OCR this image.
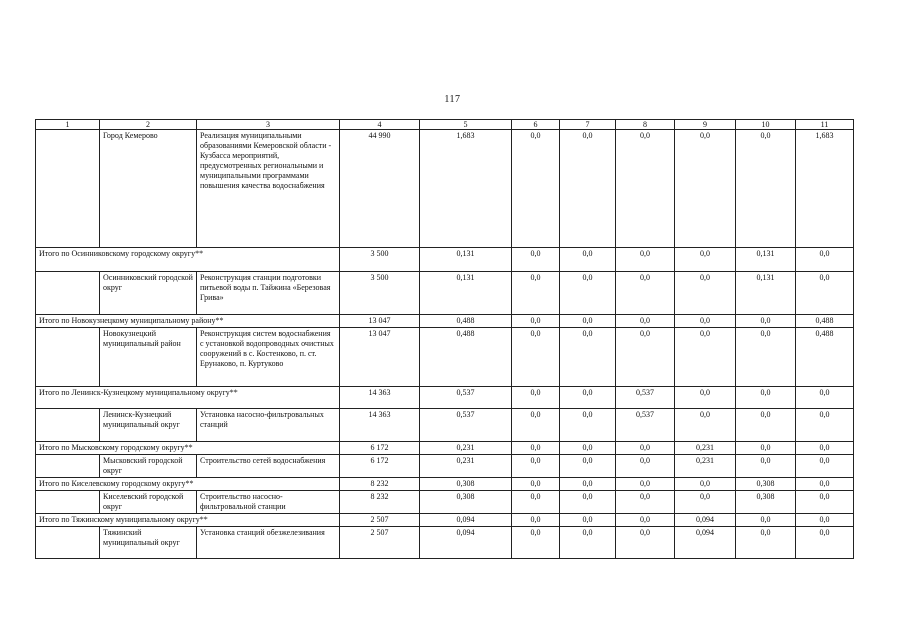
117
1	2	3	4	5	6	7	8	9	10	11
	Город Кемерово	Реализация муниципальными образованиями Кемеровской области - Кузбасса мероприятий, предусмотренных региональными и муниципальными программами повышения качества водоснабжения	44 990	1,683	0,0	0,0	0,0	0,0	0,0	1,683
Итого по Осинниковскому городскому округу**			3 500	0,131	0,0	0,0	0,0	0,0	0,131	0,0
	Осинниковский городской округ	Реконструкция станции подготовки питьевой воды п. Тайжина «Березовая Грива»	3 500	0,131	0,0	0,0	0,0	0,0	0,131	0,0
Итого по Новокузнецкому муниципальному району**			13 047	0,488	0,0	0,0	0,0	0,0	0,0	0,488
	Новокузнецкий муниципальный район	Реконструкция систем водоснабжения с установкой водопроводных очистных сооружений в с. Костенково, п. ст. Ерунаково, п. Куртуково	13 047	0,488	0,0	0,0	0,0	0,0	0,0	0,488
Итого по Ленинск-Кузнецкому муниципальному округу**			14 363	0,537	0,0	0,0	0,537	0,0	0,0	0,0
	Ленинск-Кузнецкий муниципальный округ	Установка насосно-фильтровальных станций	14 363	0,537	0,0	0,0	0,537	0,0	0,0	0,0
Итого по Мысковскому городскому округу**			6 172	0,231	0,0	0,0	0,0	0,231	0,0	0,0
	Мысковский городской округ	Строительство сетей водоснабжения	6 172	0,231	0,0	0,0	0,0	0,231	0,0	0,0
Итого по Киселевскому городскому округу**			8 232	0,308	0,0	0,0	0,0	0,0	0,308	0,0
	Киселевский городской округ	Строительство насосно-фильтровальной станции	8 232	0,308	0,0	0,0	0,0	0,0	0,308	0,0
Итого по Тяжинскому муниципальному округу**			2 507	0,094	0,0	0,0	0,0	0,094	0,0	0,0
	Тяжинский муниципальный округ	Установка станций обезжелезивания	2 507	0,094	0,0	0,0	0,0	0,094	0,0	0,0
